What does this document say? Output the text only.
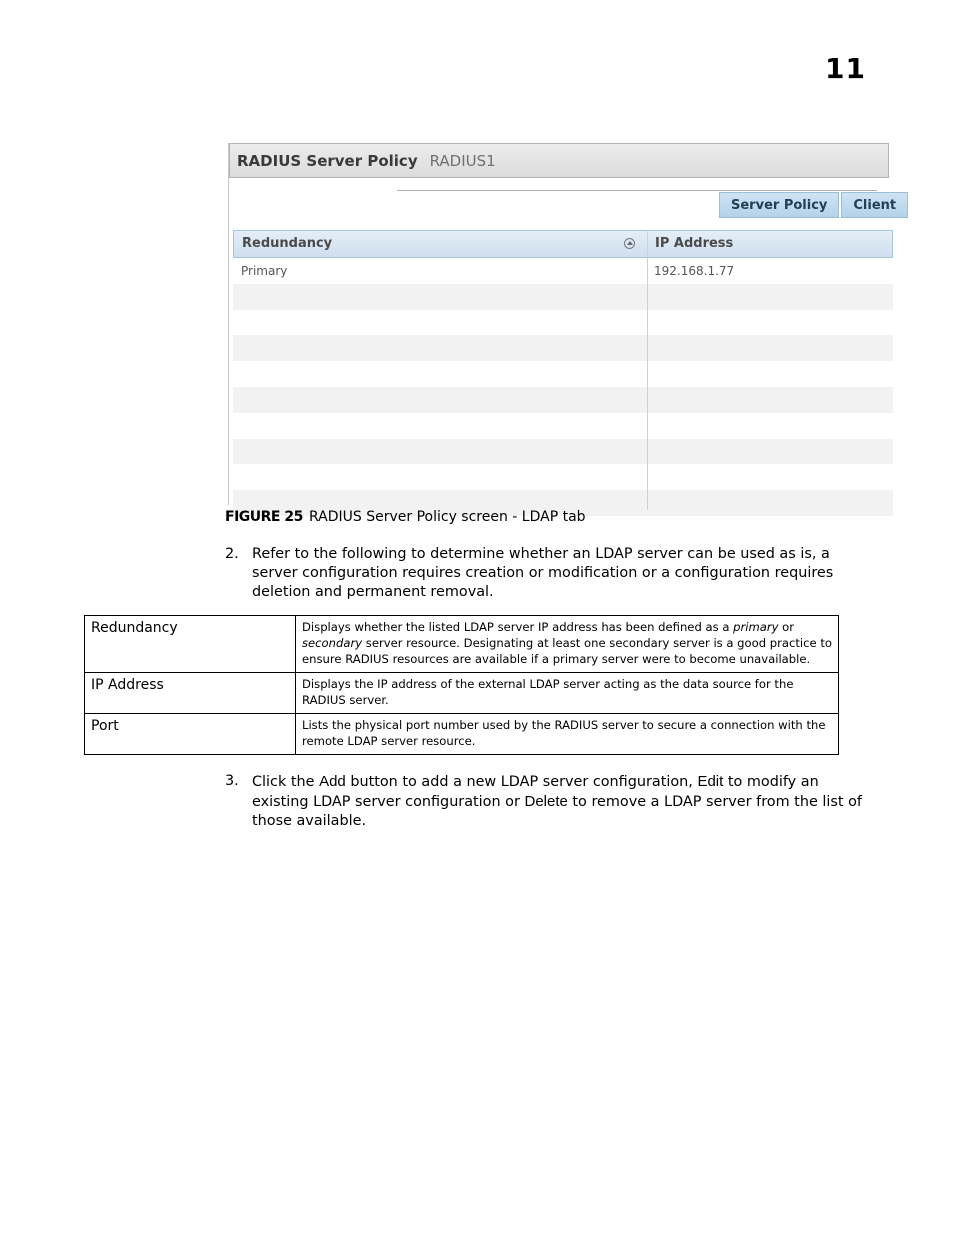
11
RADIUS Server Policy RADIUS1
Server Policy	Client
Redundancy	IP Address
Primary	192.168.1.77
FIGURE 25 RADIUS Server Policy screen - LDAP tab
2. Refer to the following to determine whether an LDAP server can be used as is, a server configuration requires creation or modification or a configuration requires deletion and permanent removal.
Redundancy	Displays whether the listed LDAP server IP address has been defined as a primary or secondary server resource. Designating at least one secondary server is a good practice to ensure RADIUS resources are available if a primary server were to become unavailable.
IP Address	Displays the IP address of the external LDAP server acting as the data source for the RADIUS server.
Port	Lists the physical port number used by the RADIUS server to secure a connection with the remote LDAP server resource.
3. Click the Add button to add a new LDAP server configuration, Edit to modify an existing LDAP server configuration or Delete to remove a LDAP server from the list of those available.
